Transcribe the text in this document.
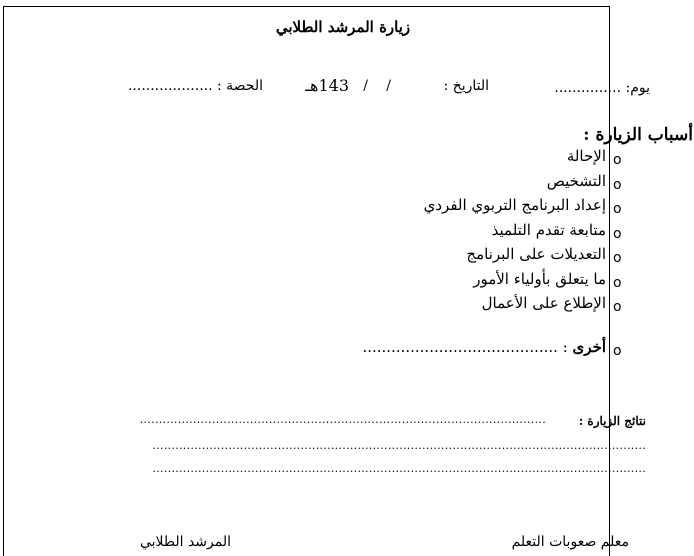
زيارة المرشد الطلابي
يوم: ...............
التاريخ :
/
/
143هـ
الحصة : ...................
أسباب الزيارة :
o
الإحالة
o
التشخيص
o
إعداد البرنامج التربوي الفردي
o
متابعة تقدم التلميذ
o
التعديلات على البرنامج
o
ما يتعلق بأولياء الأمور
o
الإطلاع على الأعمال
o
أخرى : .........................................
نتائج الزيارة :
...........................................................................................................
..................................................................................................................................
..................................................................................................................................
معلم صعوبات التعلم
المرشد الطلابي
